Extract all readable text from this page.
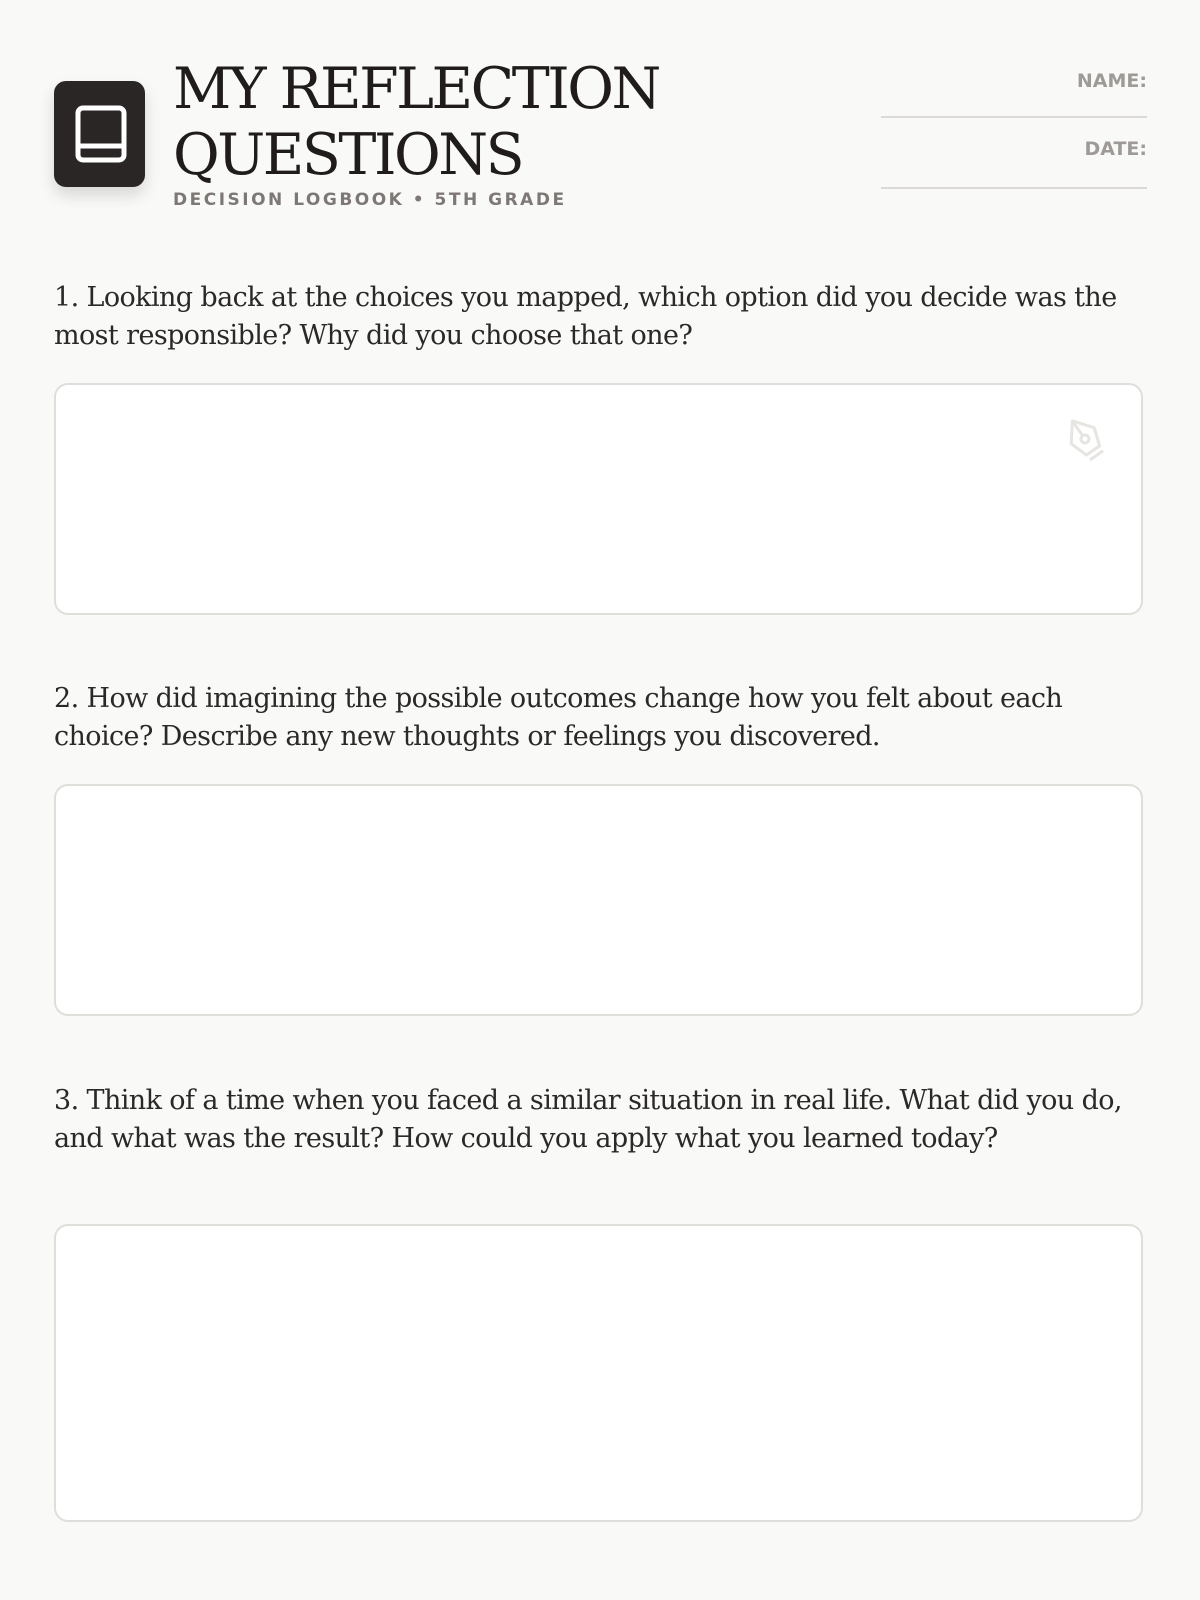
MY REFLECTION
QUESTIONS
DECISION LOGBOOK • 5TH GRADE
NAME:
DATE:

1. Looking back at the choices you mapped, which option did you decide was the most responsible? Why did you choose that one?

2. How did imagining the possible outcomes change how you felt about each choice? Describe any new thoughts or feelings you discovered.

3. Think of a time when you faced a similar situation in real life. What did you do, and what was the result? How could you apply what you learned today?
